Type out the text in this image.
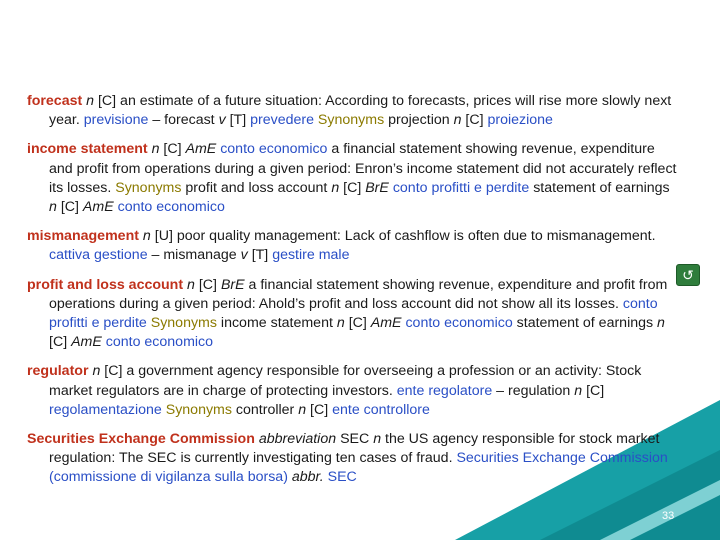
forecast n [C] an estimate of a future situation: According to forecasts, prices will rise more slowly next year. previsione – forecast v [T] prevedere Synonyms projection n [C] proiezione
income statement n [C] AmE conto economico a financial statement showing revenue, expenditure and profit from operations during a given period: Enron’s income statement did not accurately reflect its losses. Synonyms profit and loss account n [C] BrE conto profitti e perdite statement of earnings n [C] AmE conto economico
mismanagement n [U] poor quality management: Lack of cashflow is often due to mismanagement. cattiva gestione – mismanage v [T] gestire male
profit and loss account n [C] BrE a financial statement showing revenue, expenditure and profit from operations during a given period: Ahold’s profit and loss account did not show all its losses. conto profitti e perdite Synonyms income statement n [C] AmE conto economico statement of earnings n [C] AmE conto economico
regulator n [C] a government agency responsible for overseeing a profession or an activity: Stock market regulators are in charge of protecting investors. ente regolatore – regulation n [C] regolamentazione Synonyms controller n [C] ente controllore
Securities Exchange Commission abbreviation SEC n the US agency responsible for stock market regulation: The SEC is currently investigating ten cases of fraud. Securities Exchange Commission (commissione di vigilanza sulla borsa) abbr. SEC
↺
33
